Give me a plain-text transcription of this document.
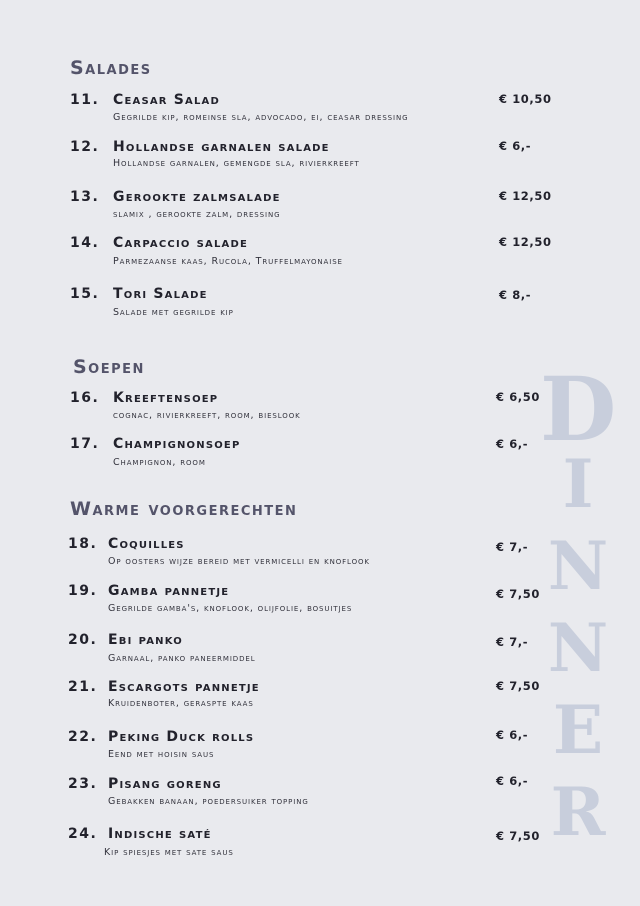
Salades
11. Ceasar Salad
Gegrilde kip, romeinse sla, advocado, ei, ceasar dressing
€ 10,50
12. Hollandse garnalen salade
Hollandse garnalen, gemengde sla, rivierkreeft
€ 6,-
13. Gerookte zalmsalade
slamix , gerookte zalm, dressing
€ 12,50
14. Carpaccio salade
Parmezaanse kaas, Rucola, Truffelmayonaise
€ 12,50
15. Tori Salade
Salade met gegrilde kip
€ 8,-
Soepen
16. Kreeftensoep
cognac, rivierkreeft, room, bieslook
€ 6,50
17. Champignonsoep
Champignon, room
€ 6,-
Warme voorgerechten
18. Coquilles
Op oosters wijze bereid met vermicelli en knoflook
€ 7,-
19. Gamba pannetje
Gegrilde gamba's, knoflook, olijfolie, bosuitjes
€ 7,50
20. Ebi panko
Garnaal, panko paneermiddel
€ 7,-
21. Escargots pannetje
Kruidenboter, geraspte kaas
€ 7,50
22. Peking Duck rolls
Eend met hoisin saus
€ 6,-
23. Pisang goreng
Gebakken banaan, poedersuiker topping
€ 6,-
24. Indische saté
Kip spiesjes met sate saus
€ 7,50
D
I
N
N
E
R
